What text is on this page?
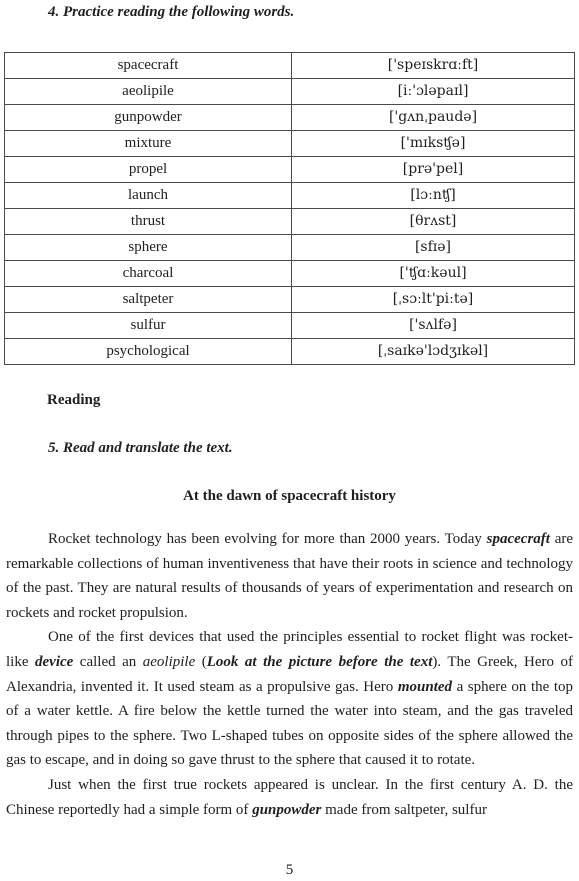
4. Practice reading the following words.
spacecraft	['speɪskrɑːft]
aeolipile	[iː'ɔləpaɪl]
gunpowder	['gʌnˌpaudə]
mixture	['mɪksʧə]
propel	[prə'pel]
launch	[lɔːnʧ]
thrust	[θrʌst]
sphere	[sfɪə]
charcoal	['ʧɑːkəul]
saltpeter	[ˌsɔːlt'piːtə]
sulfur	['sʌlfə]
psychological	[ˌsaɪkə'lɔdʒɪkəl]
Reading
5. Read and translate the text.
At the dawn of spacecraft history

Rocket technology has been evolving for more than 2000 years. Today spacecraft are remarkable collections of human inventiveness that have their roots in science and technology of the past. They are natural results of thousands of years of experimentation and research on rockets and rocket propulsion.

One of the first devices that used the principles essential to rocket flight was rocket-like device called an aeolipile (Look at the picture before the text). The Greek, Hero of Alexandria, invented it. It used steam as a propulsive gas. Hero mounted a sphere on the top of a water kettle. A fire below the kettle turned the water into steam, and the gas traveled through pipes to the sphere. Two L-shaped tubes on opposite sides of the sphere allowed the gas to escape, and in doing so gave thrust to the sphere that caused it to rotate.

Just when the first true rockets appeared is unclear. In the first century A. D. the Chinese reportedly had a simple form of gunpowder made from saltpeter, sulfur

5
